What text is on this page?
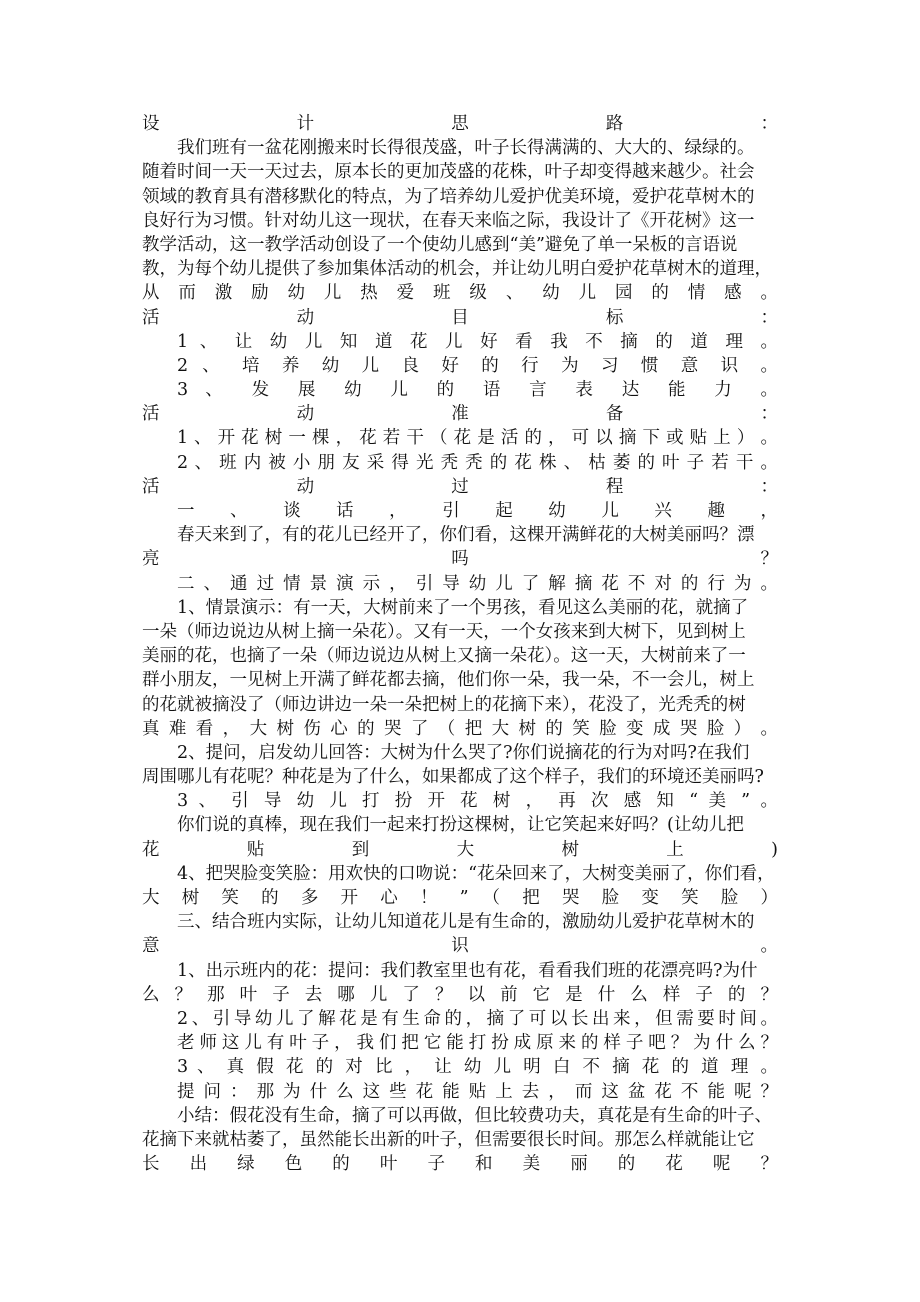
设　计　思　路　：
我们班有一盆花刚搬来时长得很茂盛，叶子长得满满的、大大的、绿绿的。
随着时间一天一天过去，原本长的更加茂盛的花株，叶子却变得越来越少。社会
领域的教育具有潜移默化的特点，为了培养幼儿爱护优美环境，爱护花草树木的
良好行为习惯。针对幼儿这一现状，在春天来临之际，我设计了《开花树》这一
教学活动，这一教学活动创设了一个使幼儿感到“美”避免了单一呆板的言语说
教，为每个幼儿提供了参加集体活动的机会，并让幼儿明白爱护花草树木的道理，
从 而 激 励 幼 儿 热 爱 班 级 、 幼 儿 园 的 情 感 。
活　动　目　标　：
1 、 让 幼 儿 知 道 花 儿 好 看 我 不 摘 的 道 理 。
2 、 培 养 幼 儿 良 好 的 行 为 习 惯 意 识 。
3 、 发 展 幼 儿 的 语 言 表 达 能 力 。
活　动　准　备　：
1 、 开 花 树 一 棵 ， 花 若 干 （ 花 是 活 的 ， 可 以 摘 下 或 贴 上 ） 。
2 、 班 内 被 小 朋 友 采 得 光 秃 秃 的 花 株 、 枯 萎 的 叶 子 若 干 。
活　动　过　程　：
一 、 谈 话 ， 引 起 幼 儿 兴 趣 ，
春天来到了，有的花儿已经开了，你们看，这棵开满鲜花的大树美丽吗？漂
亮　吗　？
二 、 通 过 情 景 演 示 ， 引 导 幼 儿 了 解 摘 花 不 对 的 行 为 。
1、情景演示：有一天，大树前来了一个男孩，看见这么美丽的花，就摘了
一朵（师边说边从树上摘一朵花）。又有一天，一个女孩来到大树下，见到树上
美丽的花，也摘了一朵（师边说边从树上又摘一朵花）。这一天，大树前来了一
群小朋友，一见树上开满了鲜花都去摘，他们你一朵，我一朵，不一会儿，树上
的花就被摘没了（师边讲边一朵一朵把树上的花摘下来），花没了，光秃秃的树
真 难 看 ， 大 树 伤 心 的 哭 了 （ 把 大 树 的 笑 脸 变 成 哭 脸 ） 。
2、提问，启发幼儿回答：大树为什么哭了?你们说摘花的行为对吗?在我们
周围哪儿有花呢？种花是为了什么，如果都成了这个样子，我们的环境还美丽吗?
3 、 引 导 幼 儿 打 扮 开 花 树 ， 再 次 感 知 “ 美 ” 。
你们说的真棒，现在我们一起来打扮这棵树，让它笑起来好吗？(让幼儿把
花　贴　到　大　树　上　)
4、把哭脸变笑脸：用欢快的口吻说：“花朵回来了，大树变美丽了，你们看，
大 树 笑 的 多 开 心 ！ ” （ 把 哭 脸 变 笑 脸 ）
三、结合班内实际，让幼儿知道花儿是有生命的，激励幼儿爱护花草树木的
意　识　。
1、出示班内的花：提问：我们教室里也有花，看看我们班的花漂亮吗?为什
么 ？ 那 叶 子 去 哪 儿 了 ？ 以 前 它 是 什 么 样 子 的 ？
2、引导幼儿了解花是有生命的，摘了可以长出来，但需要时间。
老师这儿有叶子，我们把它能打扮成原来的样子吧？为什么？
3 、 真 假 花 的 对 比 ， 让 幼 儿 明 白 不 摘 花 的 道 理 。
提 问 ： 那 为 什 么 这 些 花 能 贴 上 去 ， 而 这 盆 花 不 能 呢 ？
小结：假花没有生命，摘了可以再做，但比较费功夫，真花是有生命的叶子、
花摘下来就枯萎了，虽然能长出新的叶子，但需要很长时间。那怎么样就能让它
长　出　绿　色　的　叶　子　和　美　丽　的　花　呢　？
